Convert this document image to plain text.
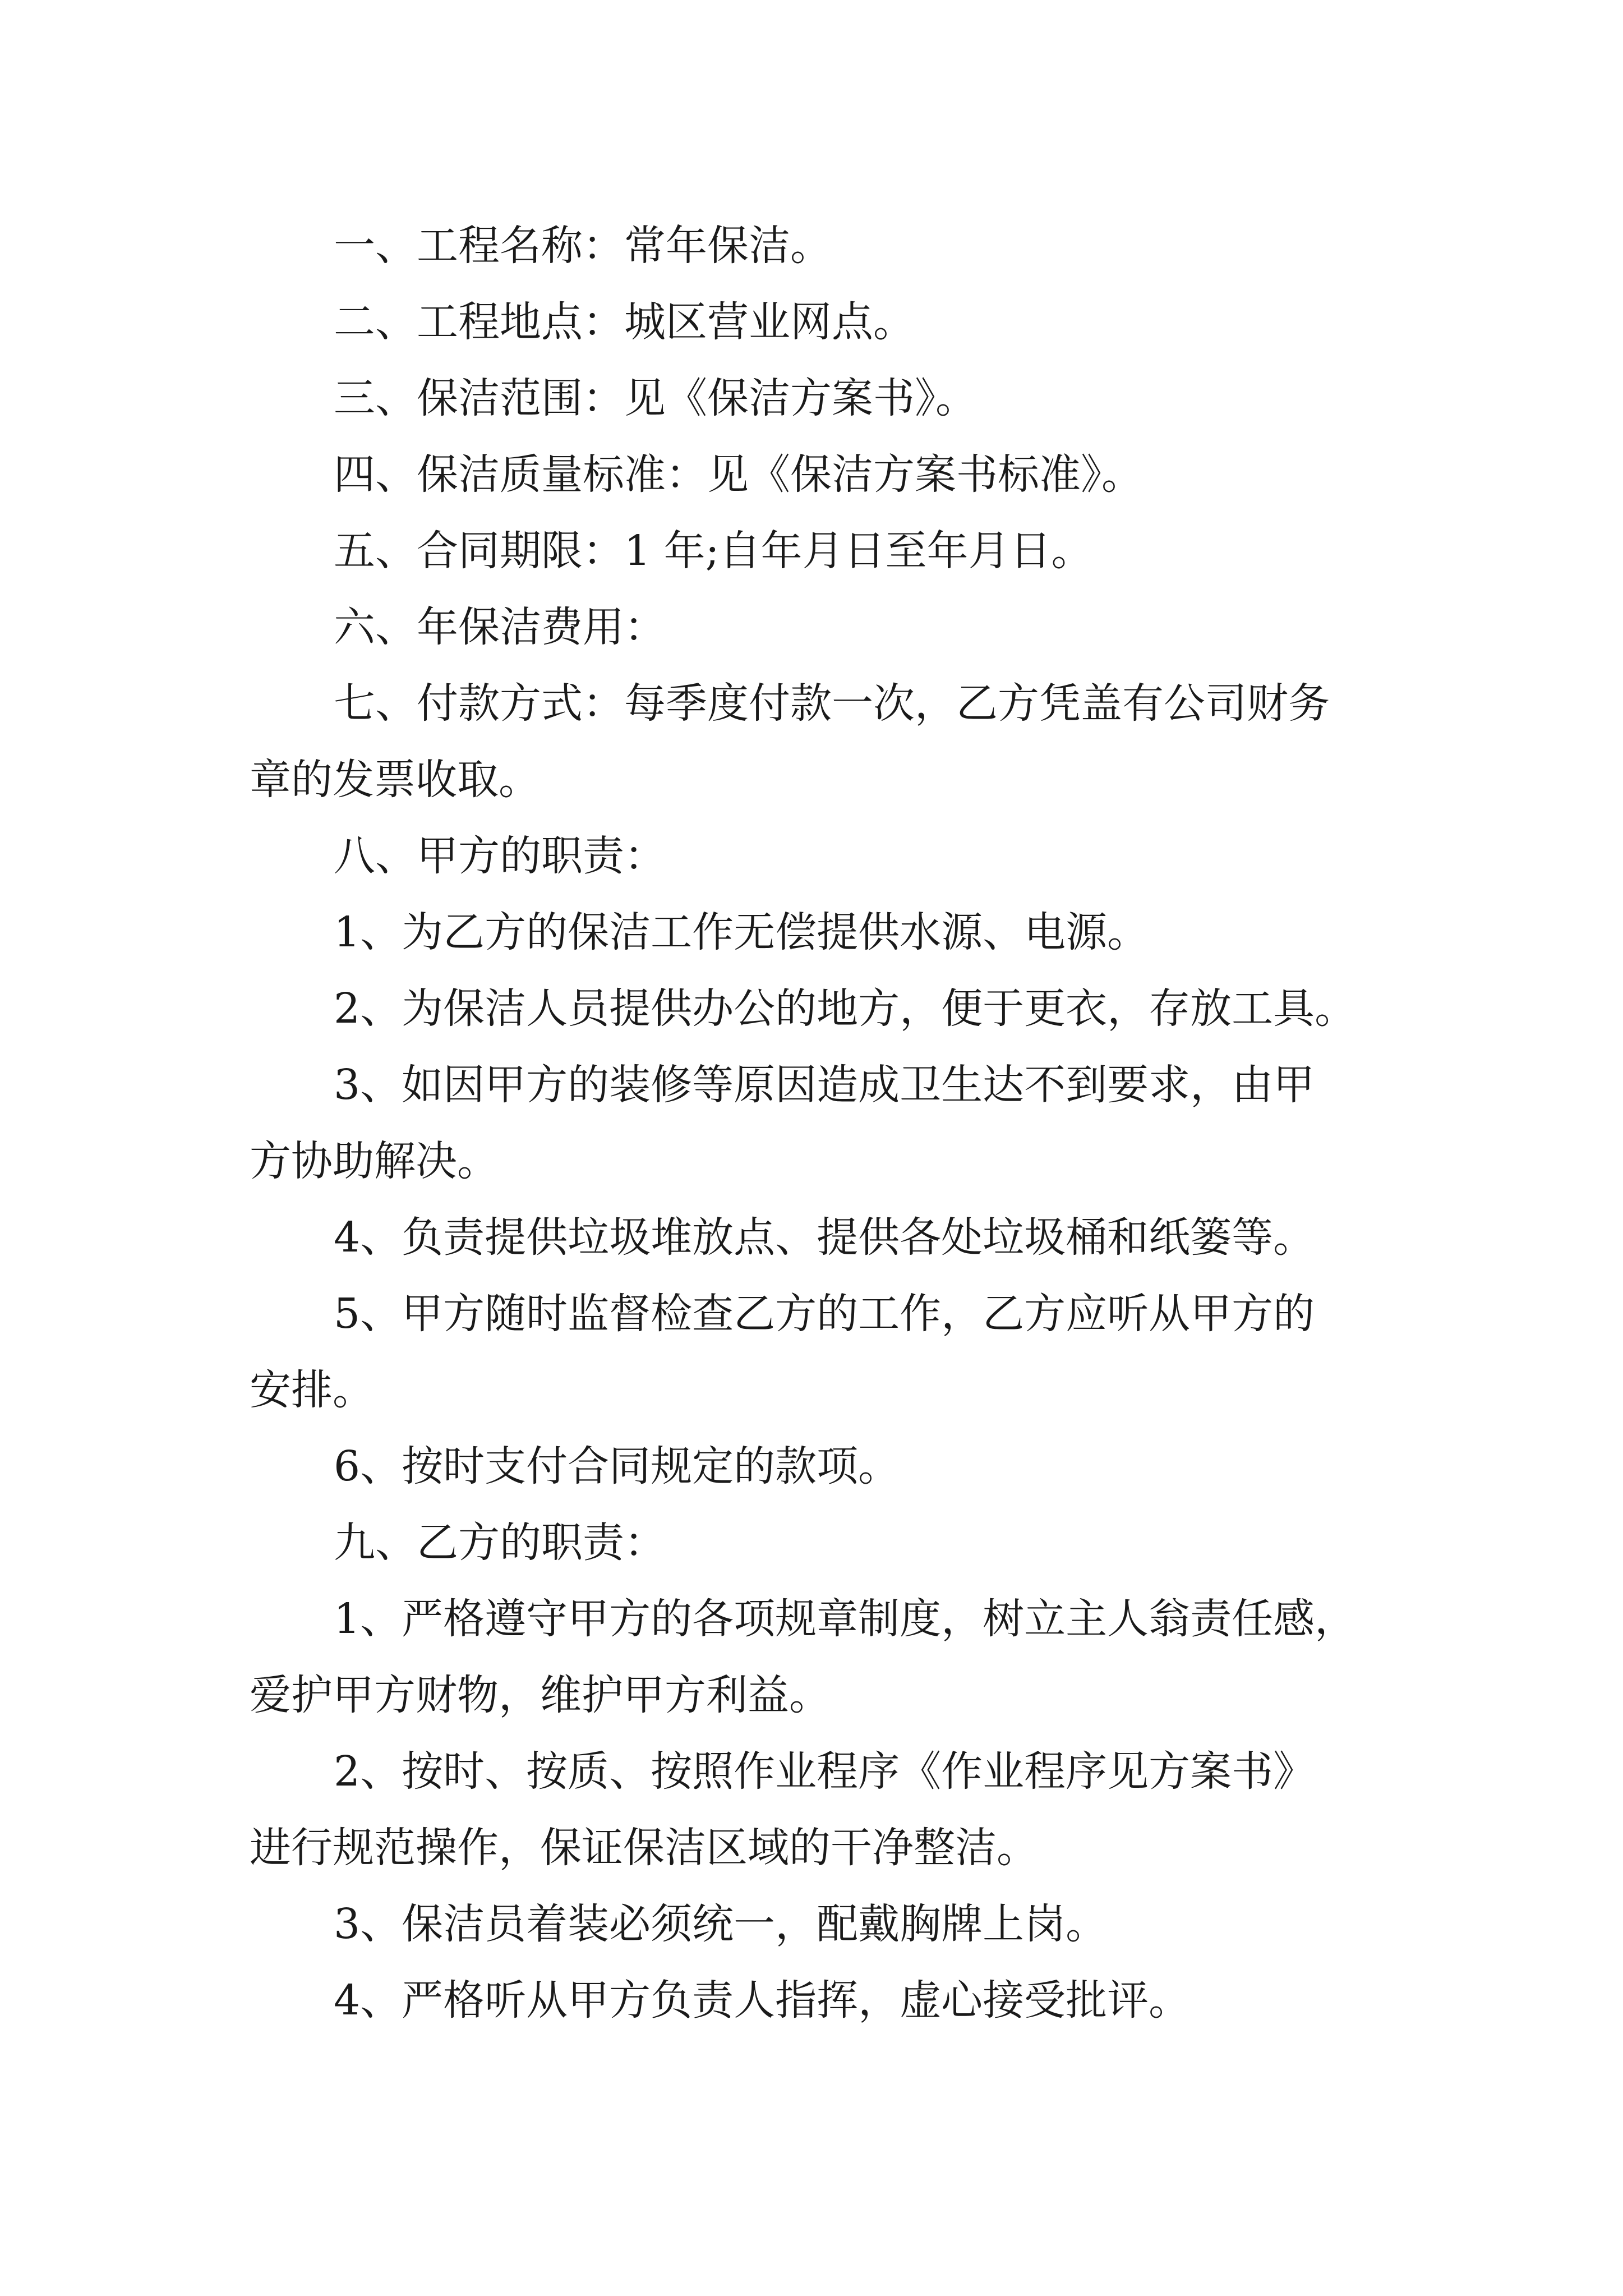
一、工程名称：常年保洁。

二、工程地点：城区营业网点。

三、保洁范围：见《保洁方案书》。

四、保洁质量标准：见《保洁方案书标准》。

五、合同期限：1 年;自年月日至年月日。

六、年保洁费用：

七、付款方式：每季度付款一次，乙方凭盖有公司财务

章的发票收取。

八、甲方的职责：

1、为乙方的保洁工作无偿提供水源、电源。

2、为保洁人员提供办公的地方，便于更衣，存放工具。

3、如因甲方的装修等原因造成卫生达不到要求，由甲

方协助解决。

4、负责提供垃圾堆放点、提供各处垃圾桶和纸篓等。

5、甲方随时监督检查乙方的工作，乙方应听从甲方的

安排。

6、按时支付合同规定的款项。

九、乙方的职责：

1、严格遵守甲方的各项规章制度，树立主人翁责任感，

爱护甲方财物，维护甲方利益。

2、按时、按质、按照作业程序《作业程序见方案书》

进行规范操作，保证保洁区域的干净整洁。

3、保洁员着装必须统一，配戴胸牌上岗。

4、严格听从甲方负责人指挥，虚心接受批评。
